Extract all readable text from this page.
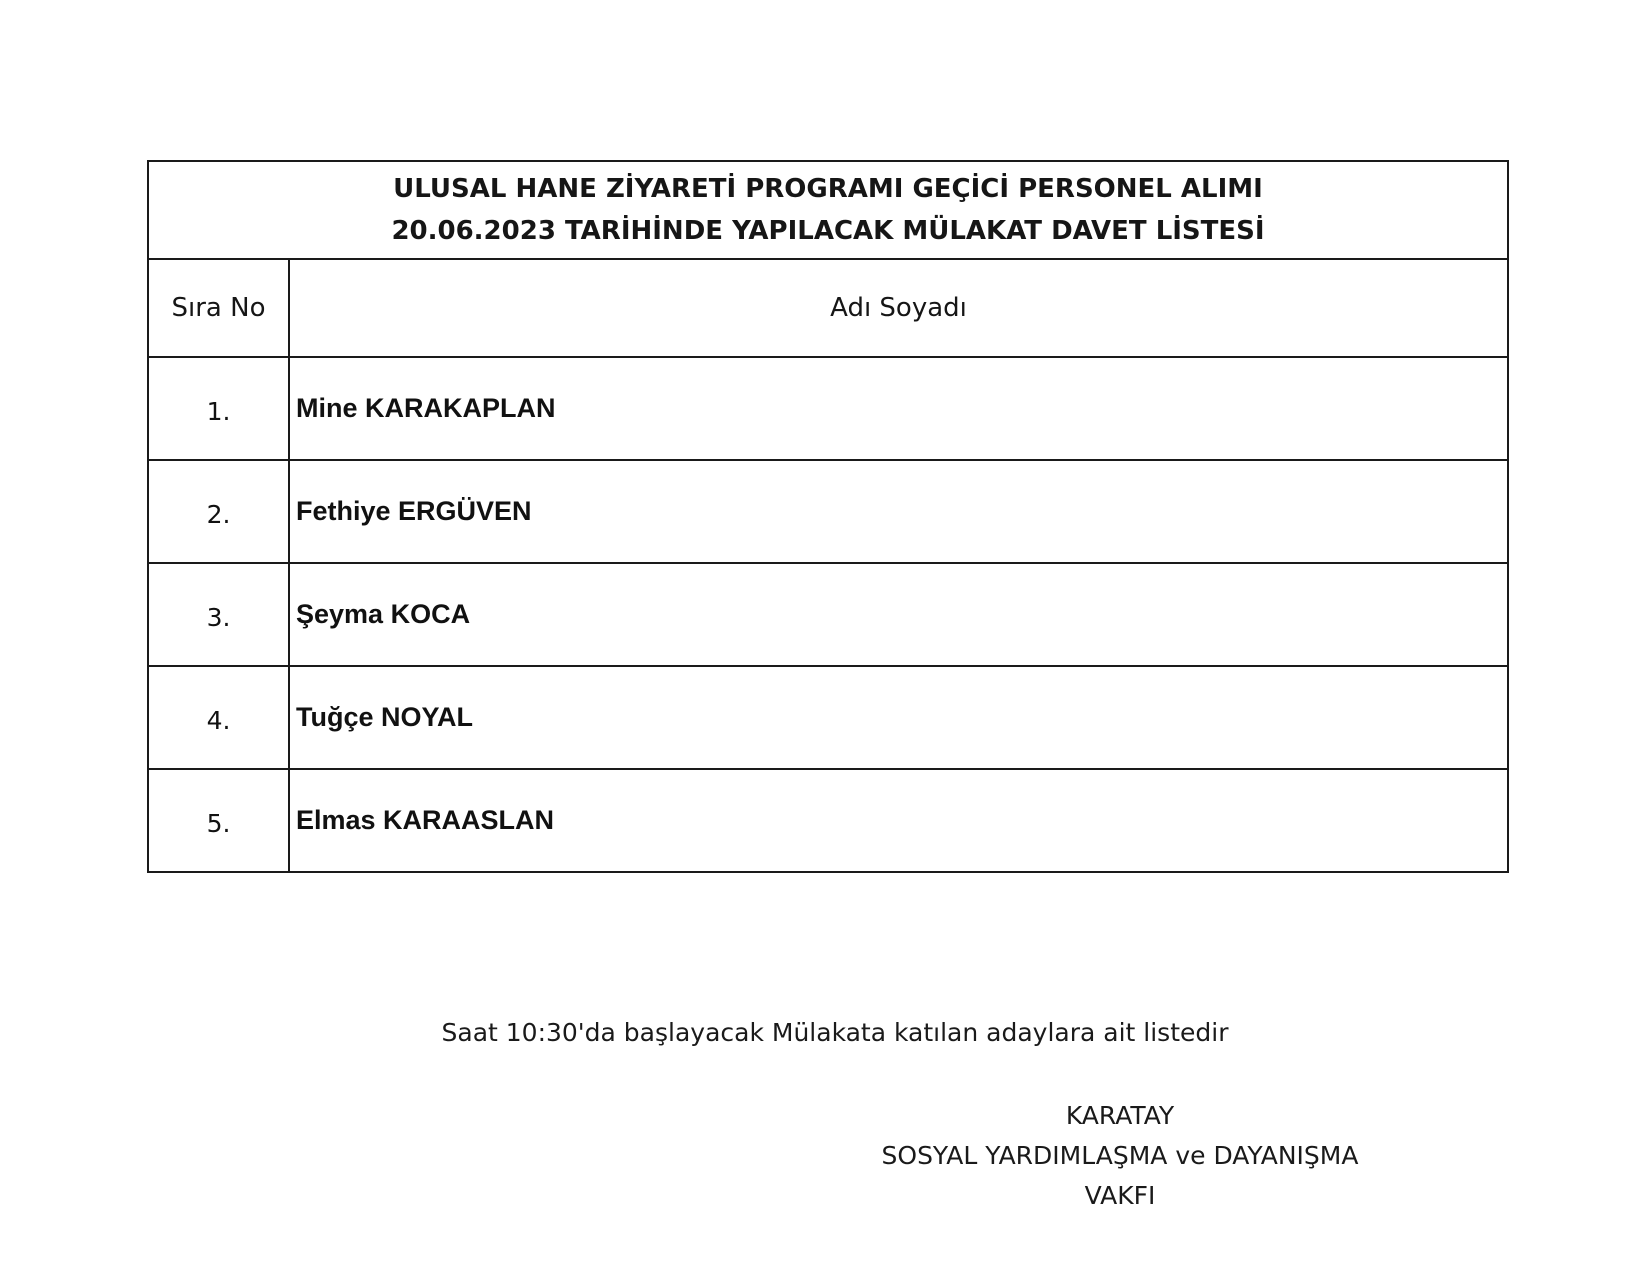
ULUSAL HANE ZİYARETİ PROGRAMI GEÇİCİ PERSONEL ALIMI
20.06.2023 TARİHİNDE YAPILACAK MÜLAKAT DAVET LİSTESİ	

Sıra No	Adı Soyadı
1.	Mine KARAKAPLAN
2.	Fethiye ERGÜVEN
3.	Şeyma KOCA
4.	Tuğçe NOYAL
5.	Elmas KARAASLAN
Saat 10:30'da başlayacak Mülakata katılan adaylara ait listedir
KARATAY
SOSYAL YARDIMLAŞMA ve DAYANIŞMA
VAKFI
